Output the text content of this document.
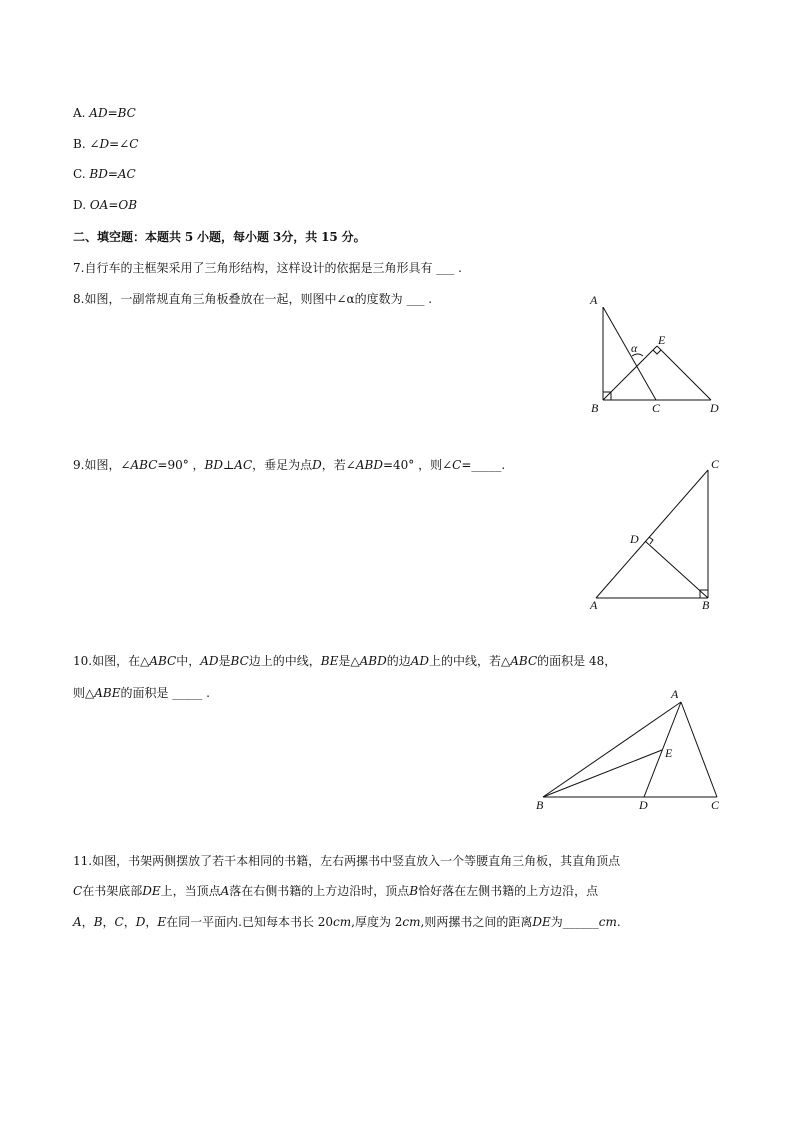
A. AD=BC
B. ∠D=∠C
C. BD=AC
D. OA=OB
二、填空题：本题共 5 小题，每小题 3分，共 15 分。
7.自行车的主框架采用了三角形结构，这样设计的依据是三角形具有 ___ .
8.如图，一副常规直角三角板叠放在一起，则图中∠α的度数为 ___ .	A
B	C	D
E
α
9.如图，∠ABC=90° ，BD⊥AC，垂足为点D，若∠ABD=40° ，则∠C=_____.	C
D
A	B
10.如图，在△ABC中，AD是BC边上的中线，BE是△ABD的边AD上的中线，若△ABC的面积是 48，
则△ABE的面积是 _____ .	A
E
B	D	C
11.如图，书架两侧摆放了若干本相同的书籍，左右两摞书中竖直放入一个等腰直角三角板，其直角顶点
C在书架底部DE上，当顶点A落在右侧书籍的上方边沿时，顶点B恰好落在左侧书籍的上方边沿，点
A，B，C，D，E在同一平面内.已知每本书长 20cm,厚度为 2cm,则两摞书之间的距离DE为______cm.
